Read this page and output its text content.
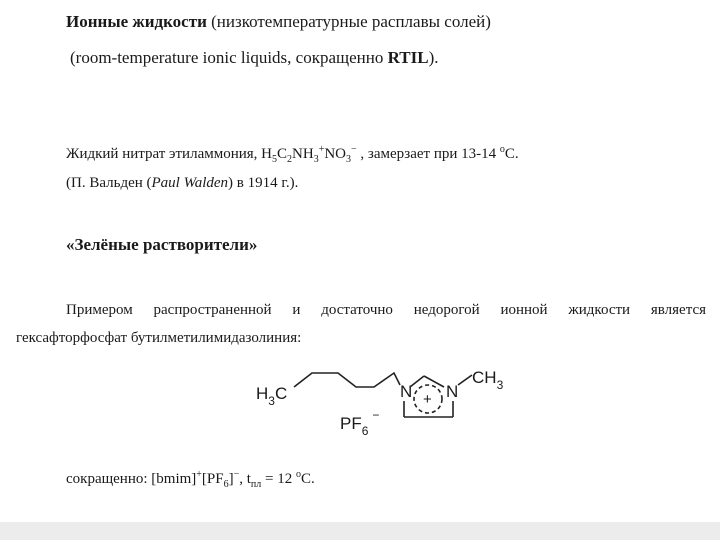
Ионные жидкости (низкотемпературные расплавы солей)
(room-temperature ionic liquids, сокращенно RTIL).
Жидкий нитрат этиламмония, $H_5C_2NH_3^+NO_3^-$ , замерзает при 13-14 $^о$С.
(П. Вальден (Paul Walden) в 1914 г.).
«Зелёные растворители»
Примером распространенной и достаточно недорогой ионной жидкости является
гексафторфосфат бутилметилимидазолиния:
$H_3C$	N N
+
$CH_3$
$PF_6^-$
сокращенно: $[bmim]^+[PF_6]^-$, $t_{пл} = 12$ $^о$С.
